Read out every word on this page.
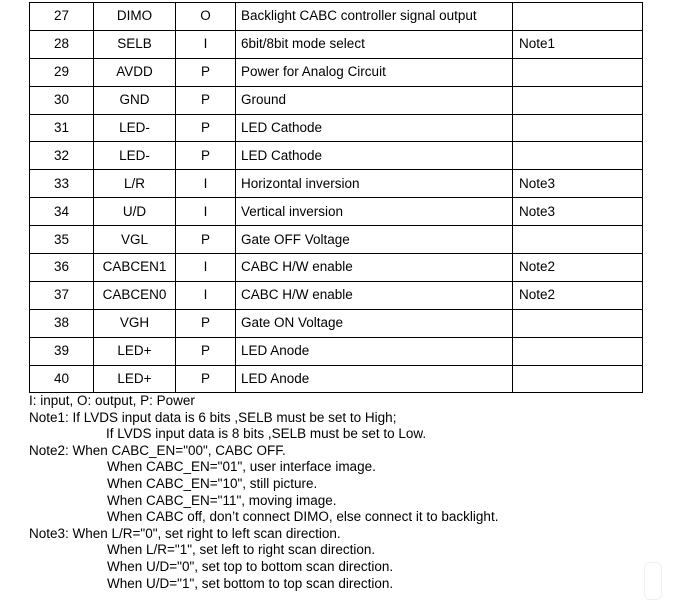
27	DIMO	O	Backlight CABC controller signal output	
28	SELB	I	6bit/8bit mode select	Note1
29	AVDD	P	Power for Analog Circuit	
30	GND	P	Ground	
31	LED-	P	LED Cathode	
32	LED-	P	LED Cathode	
33	L/R	I	Horizontal inversion	Note3
34	U/D	I	Vertical inversion	Note3
35	VGL	P	Gate OFF Voltage	
36	CABCEN1	I	CABC H/W enable	Note2
37	CABCEN0	I	CABC H/W enable	Note2
38	VGH	P	Gate ON Voltage	
39	LED+	P	LED Anode	
40	LED+	P	LED Anode	
I: input, O: output, P: Power
Note1: If LVDS input data is 6 bits ,SELB must be set to High;
If LVDS input data is 8 bits ,SELB must be set to Low.
Note2: When CABC_EN="00", CABC OFF.
When CABC_EN="01", user interface image.
When CABC_EN="10", still picture.
When CABC_EN="11", moving image.
When CABC off, don’t connect DIMO, else connect it to backlight.
Note3: When L/R="0", set right to left scan direction.
When L/R="1", set left to right scan direction.
When U/D="0", set top to bottom scan direction.
When U/D="1", set bottom to top scan direction.
